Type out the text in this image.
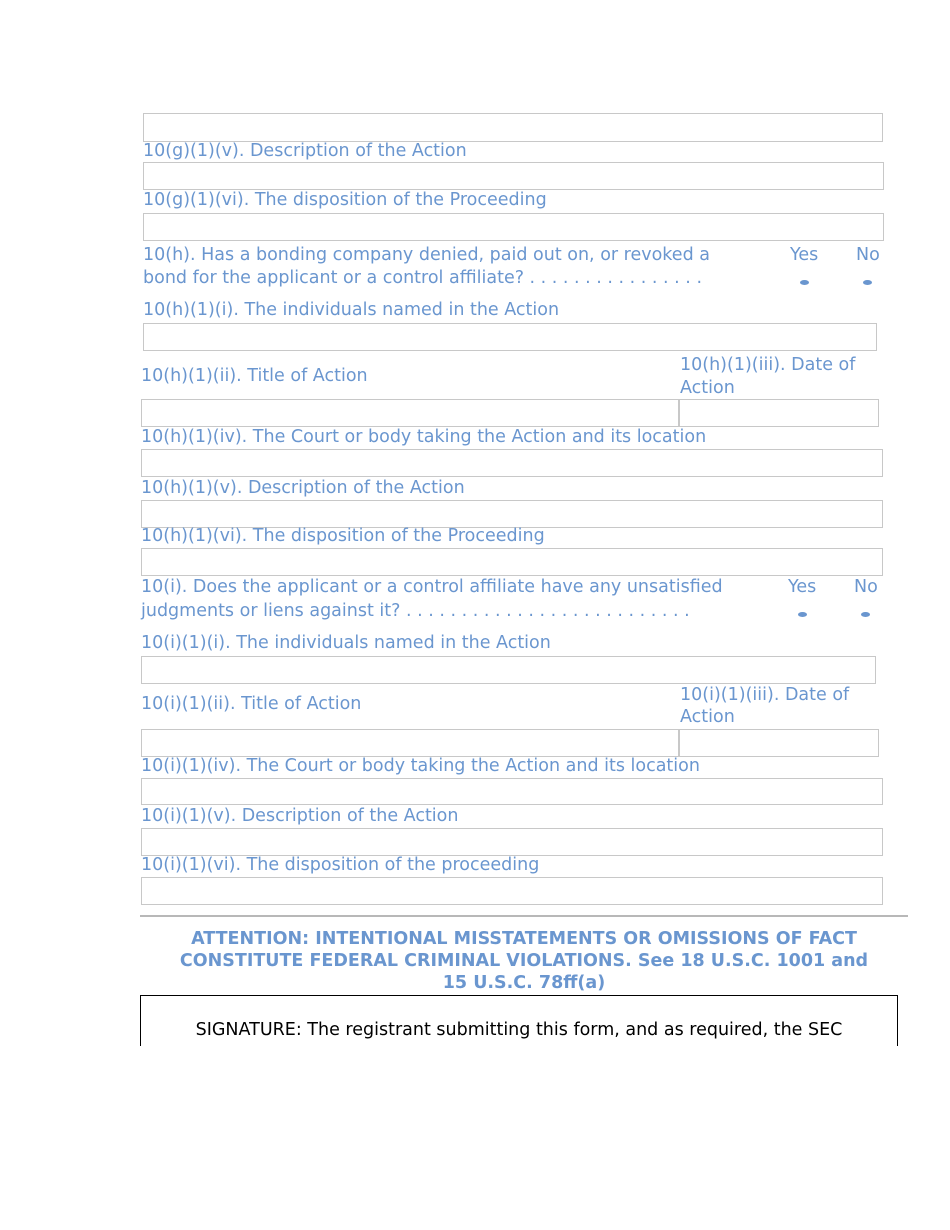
10(g)(1)(v). Description of the Action
10(g)(1)(vi). The disposition of the Proceeding
10(h). Has a bonding company denied, paid out on, or revoked a
bond for the applicant or a control affiliate? . . . . . . . . . . . . . . . .
Yes No
10(h)(1)(i). The individuals named in the Action
10(h)(1)(ii). Title of Action
10(h)(1)(iii). Date of
Action
10(h)(1)(iv). The Court or body taking the Action and its location
10(h)(1)(v). Description of the Action
10(h)(1)(vi). The disposition of the Proceeding
10(i). Does the applicant or a control affiliate have any unsatisfied
judgments or liens against it? . . . . . . . . . . . . . . . . . . . . . . . . . .
Yes No
10(i)(1)(i). The individuals named in the Action
10(i)(1)(ii). Title of Action	10(i)(1)(iii). Date of
Action
10(i)(1)(iv). The Court or body taking the Action and its location
10(i)(1)(v). Description of the Action
10(i)(1)(vi). The disposition of the proceeding
ATTENTION: INTENTIONAL MISSTATEMENTS OR OMISSIONS OF FACT
CONSTITUTE FEDERAL CRIMINAL VIOLATIONS. See 18 U.S.C. 1001 and
15 U.S.C. 78ff(a)
SIGNATURE: The registrant submitting this form, and as required, the SEC
